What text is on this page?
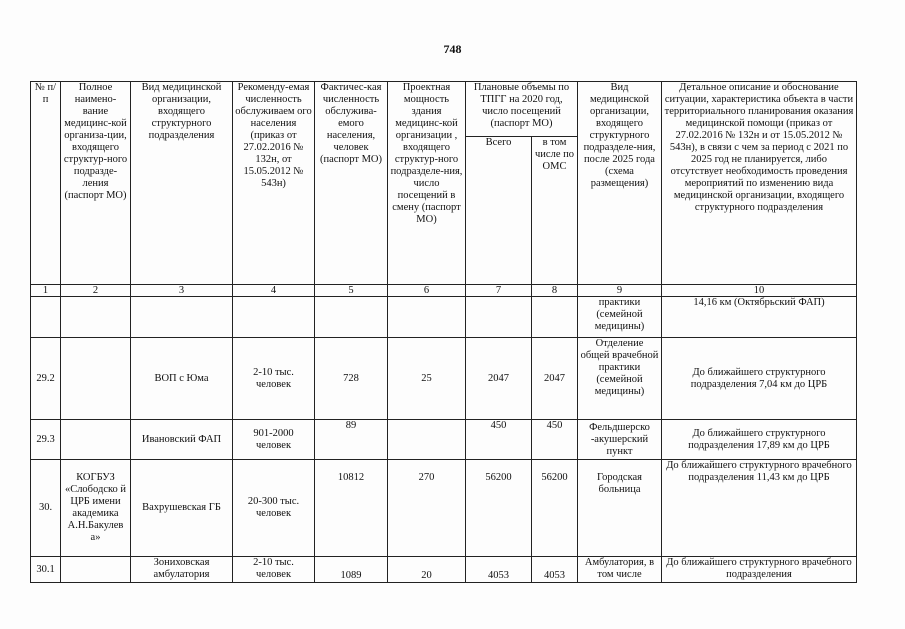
748
№ п/п	Полное наимено-вание медицинс-кой организа-ции, входящего структур-ного подразде-ления (паспорт МО)	Вид медицинской организации, входящего структурного подразделения	Рекоменду-емая численность обслуживаем ого населения (приказ от 27.02.2016 № 132н, от 15.05.2012 № 543н)	Фактичес-кая численность обслужива-емого населения, человек (паспорт МО)	Проектная мощность здания медицинс-кой организации , входящего структур-ного подразделе-ния, число посещений в смену (паспорт МО)	Плановые объемы по ТПГГ на 2020 год, число посещений (паспорт МО)		Вид медицинской организации, входящего структурного подразделе-ния, после 2025 года (схема размещения)	Детальное описание и обоснование ситуации, характеристика объекта в части территориального планирования оказания медицинской помощи (приказ от 27.02.2016 № 132н и от 15.05.2012 № 543н), в связи с чем за период с 2021 по 2025 год не планируется, либо отсутствует необходимость проведения мероприятий по изменению вида медицинской организации, входящего структурного подразделения
						Всего	в том числе по ОМС		
1	2	3	4	5	6	7	8	9	10
								практики (семейной медицины)	14,16 км (Октябрьский ФАП)
29.2		ВОП с Юма	2-10 тыс. человек	728	25	2047	2047	Отделение общей врачебной практики (семейной медицины)	До ближайшего структурного подразделения 7,04 км до ЦРБ
29.3		Ивановский ФАП	901-2000 человек	89		450	450	Фельдшерско -акушерский пункт	До ближайшего структурного подразделения 17,89 км до ЦРБ
30.	КОГБУЗ «Слободско й ЦРБ имени академика А.Н.Бакулев а»	Вахрушевская ГБ	20-300 тыс. человек	10812	270	56200	56200	Городская больница	До ближайшего структурного врачебного подразделения 11,43 км до ЦРБ
30.1		Зониховская амбулатория	2-10 тыс. человек	1089	20	4053	4053	Амбулатория, в том числе	До ближайшего структурного врачебного подразделения
